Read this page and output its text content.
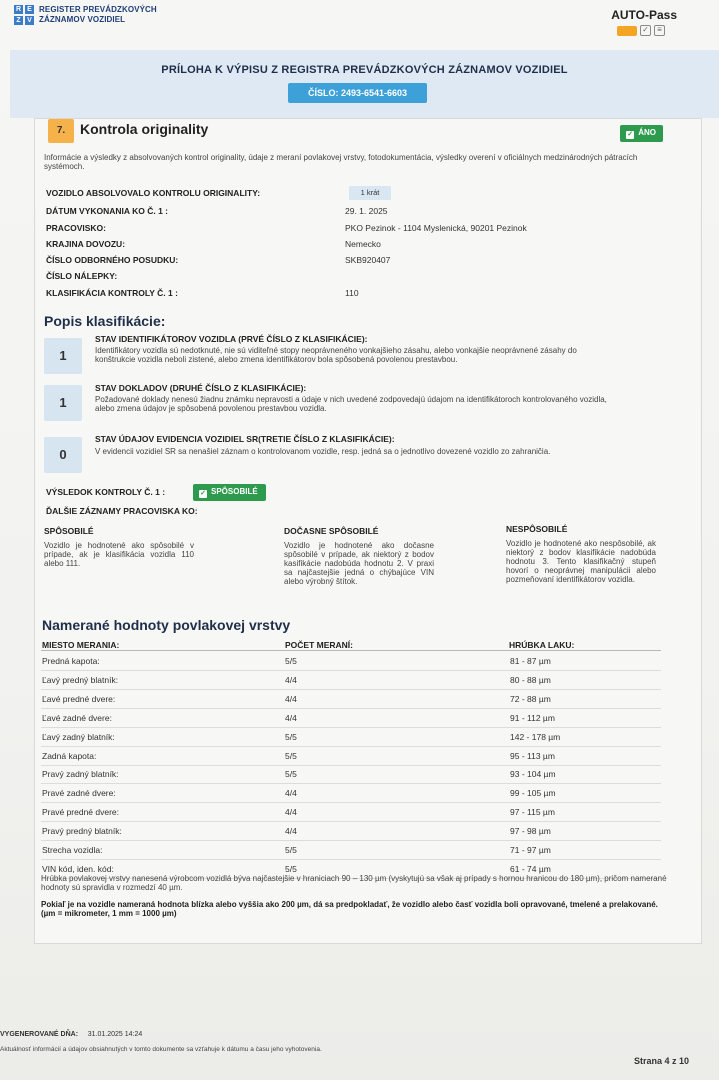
R E
Z V
REGISTER PREVÁDZKOVÝCH
ZÁZNAMOV VOZIDIEL	AUTO-Pass
✓	≡
PRÍLOHA K VÝPISU Z REGISTRA PREVÁDZKOVÝCH ZÁZNAMOV VOZIDIEL
ČÍSLO: 2493-6541-6603
7.	Kontrola originality	✓ ÁNO
Informácie a výsledky z absolvovaných kontrol originality, údaje z meraní povlakovej vrstvy, fotodokumentácia, výsledky overení v oficiálnych medzinárodných pátracích systémoch.
VOZIDLO ABSOLVOVALO KONTROLU ORIGINALITY:	1 krát
DÁTUM VYKONANIA KO Č. 1 :	29. 1. 2025
PRACOVISKO:	PKO Pezinok - 1104 Myslenická, 90201 Pezinok
KRAJINA DOVOZU:	Nemecko
ČÍSLO ODBORNÉHO POSUDKU:	SKB920407
ČÍSLO NÁLEPKY:
KLASIFIKÁCIA KONTROLY Č. 1 :	110
Popis klasifikácie:
1
STAV IDENTIFIKÁTOROV VOZIDLA (PRVÉ ČÍSLO Z KLASIFIKÁCIE):
Identifikátory vozidla sú nedotknuté, nie sú viditeľné stopy neoprávneného vonkajšieho zásahu, alebo vonkajšie neoprávnené zásahy do konštrukcie vozidla neboli zistené, alebo zmena identifikátorov bola spôsobená povolenou prestavbou.
1
STAV DOKLADOV (DRUHÉ ČÍSLO Z KLASIFIKÁCIE):
Požadované doklady nenesú žiadnu známku nepravosti a údaje v nich uvedené zodpovedajú údajom na identifikátoroch kontrolovaného vozidla, alebo zmena údajov je spôsobená povolenou prestavbou vozidla.
0
STAV ÚDAJOV EVIDENCIA VOZIDIEL SR(TRETIE ČÍSLO Z KLASIFIKÁCIE):
V evidencii vozidiel SR sa nenašiel záznam o kontrolovanom vozidle, resp. jedná sa o jednotlivo dovezené vozidlo zo zahraničia.
VÝSLEDOK KONTROLY Č. 1 :	✓ SPÔSOBILÉ
ĎALŠIE ZÁZNAMY PRACOVISKA KO:
SPÔSOBILÉ
Vozidlo je hodnotené ako spôsobilé v prípade, ak je klasifikácia vozidla 110 alebo 111.
DOČASNE SPÔSOBILÉ
Vozidlo je hodnotené ako dočasne spôsobilé v prípade, ak niektorý z bodov kasifikácie nadobúda hodnotu 2. V praxi sa najčastejšie jedná o chýbajúce VIN alebo výrobný štítok.
NESPÔSOBILÉ
Vozidlo je hodnotené ako nespôsobilé, ak niektorý z bodov klasifikácie nadobúda hodnotu 3. Tento klasifikačný stupeň hovorí o neoprávnej manipulácii alebo pozmeňovaní identifikátorov vozidla.
Namerané hodnoty povlakovej vrstvy
MIESTO MERANIA:	POČET MERANÍ:	HRÚBKA LAKU:
Predná kapota:	5/5	81 - 87 µm
Ľavý predný blatník:	4/4	80 - 88 µm
Ľavé predné dvere:	4/4	72 - 88 µm
Ľavé zadné dvere:	4/4	91 - 112 µm
Ľavý zadný blatník:	5/5	142 - 178 µm
Zadná kapota:	5/5	95 - 113 µm
Pravý zadný blatník:	5/5	93 - 104 µm
Pravé zadné dvere:	4/4	99 - 105 µm
Pravé predné dvere:	4/4	97 - 115 µm
Pravý predný blatník:	4/4	97 - 98 µm
Strecha vozidla:	5/5	71 - 97 µm
VIN kód, iden. kód:	5/5	61 - 74 µm
Hrúbka povlakovej vrstvy nanesená výrobcom vozidlá býva najčastejšie v hraniciach 90 – 130 µm (vyskytujú sa však aj prípady s hornou hranicou do 180 µm), pričom namerané hodnoty sú spravidla v rozmedzí 40 µm.
Pokiaľ je na vozidle nameraná hodnota blízka alebo vyššia ako 200 µm, dá sa predpokladať, že vozidlo alebo časť vozidla boli opravované, tmelené a prelakované. (µm = mikrometer, 1 mm = 1000 µm)
VYGENEROVANÉ DŇA: 31.01.2025 14:24
Aktuálnosť informácií a údajov obsiahnutých v tomto dokumente sa vzťahuje k dátumu a času jeho vyhotovenia.
Strana 4 z 10
